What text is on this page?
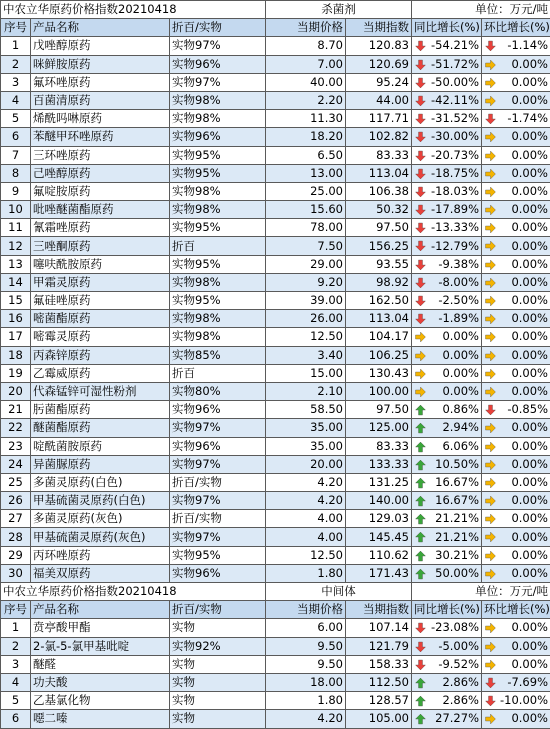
中农立华原药价格指数20210418			杀菌剂		单位：万元/吨	
序号	产品名称	折百/实物	当期价格	当期指数	同比增长(%)	环比增长(%)
1	戊唑醇原药	实物97%	8.70	120.83	-54.21%	-1.14%
2	咪鲜胺原药	实物96%	7.00	120.69	-51.72%	0.00%
3	氟环唑原药	实物97%	40.00	95.24	-50.00%	0.00%
4	百菌清原药	实物98%	2.20	44.00	-42.11%	0.00%
5	烯酰吗啉原药	实物98%	11.30	117.71	-31.52%	-1.74%
6	苯醚甲环唑原药	实物96%	18.20	102.82	-30.00%	0.00%
7	三环唑原药	实物95%	6.50	83.33	-20.73%	0.00%
8	己唑醇原药	实物95%	13.00	113.04	-18.75%	0.00%
9	氟啶胺原药	实物98%	25.00	106.38	-18.03%	0.00%
10	吡唑醚菌酯原药	实物98%	15.60	50.32	-17.89%	0.00%
11	氰霜唑原药	实物95%	78.00	97.50	-13.33%	0.00%
12	三唑酮原药	折百	7.50	156.25	-12.79%	0.00%
13	噻呋酰胺原药	实物95%	29.00	93.55	-9.38%	0.00%
14	甲霜灵原药	实物98%	9.20	98.92	-8.00%	0.00%
15	氟硅唑原药	实物95%	39.00	162.50	-2.50%	0.00%
16	嘧菌酯原药	实物98%	26.00	113.04	-1.89%	0.00%
17	嘧霉灵原药	实物98%	12.50	104.17	0.00%	0.00%
18	丙森锌原药	实物85%	3.40	106.25	0.00%	0.00%
19	乙霉威原药	折百	15.00	130.43	0.00%	0.00%
20	代森锰锌可湿性粉剂	实物80%	2.10	100.00	0.00%	0.00%
21	肟菌酯原药	实物96%	58.50	97.50	0.86%	-0.85%
22	醚菌酯原药	实物97%	35.00	125.00	2.94%	0.00%
23	啶酰菌胺原药	实物96%	35.00	83.33	6.06%	0.00%
24	异菌脲原药	实物97%	20.00	133.33	10.50%	0.00%
25	多菌灵原药(白色)	折百/实物	4.20	131.25	16.67%	0.00%
26	甲基硫菌灵原药(白色)	实物97%	4.20	140.00	16.67%	0.00%
27	多菌灵原药(灰色)	折百/实物	4.00	129.03	21.21%	0.00%
28	甲基硫菌灵原药(灰色)	实物97%	4.00	145.45	21.21%	0.00%
29	丙环唑原药	实物95%	12.50	110.62	30.21%	0.00%
30	福美双原药	实物96%	1.80	171.43	50.00%	0.00%
中农立华原药价格指数20210418			中间体		单位：万元/吨	
序号	产品名称	折百/实物	当期价格	当期指数	同比增长(%)	环比增长(%)
1	贲亭酸甲酯	实物	6.00	107.14	-23.08%	0.00%
2	2-氯-5-氯甲基吡啶	实物92%	9.50	121.79	-5.00%	0.00%
3	醚醛	实物	9.50	158.33	-9.52%	0.00%
4	功夫酸	实物	18.00	112.50	2.86%	-7.69%
5	乙基氯化物	实物	1.80	128.57	2.86%	-10.00%
6	噁二嗪	实物	4.20	105.00	27.27%	0.00%
